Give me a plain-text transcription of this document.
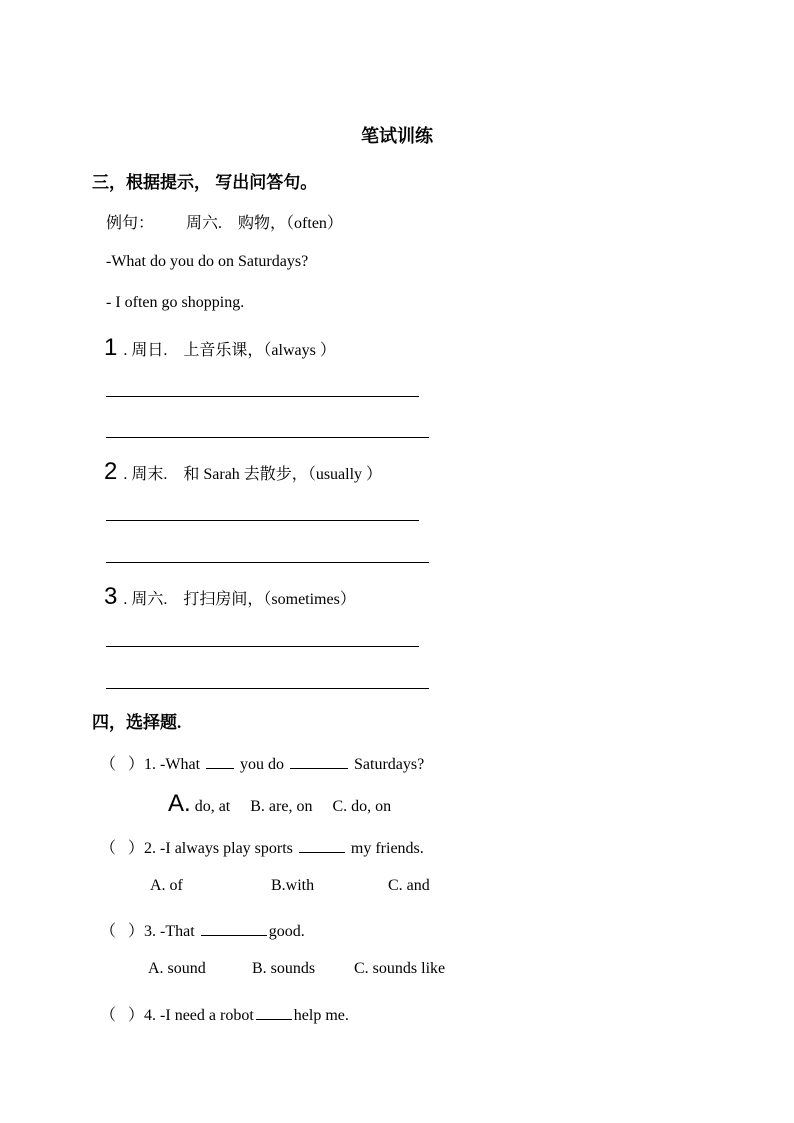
笔试训练
三，根据提示， 写出问答句。
例句： 周六. 购物，（often）
-What do you do on Saturdays?
- I often go shopping.
1 . 周日. 上音乐课，（always ）
2 . 周末. 和 Sarah 去散步，（usually ）
3 . 周六. 打扫房间，（sometimes）
四，选择题.
（ ）1. -What  you do	Saturdays?
A. do, at B. are, on C. do, on
（ ）2. -I always play sports	my friends.
A. of	B.with	C. and
（ ）3. -That	good.
A. sound	B. sounds C. sounds like
（ ）4. -I need a robot	help me.
